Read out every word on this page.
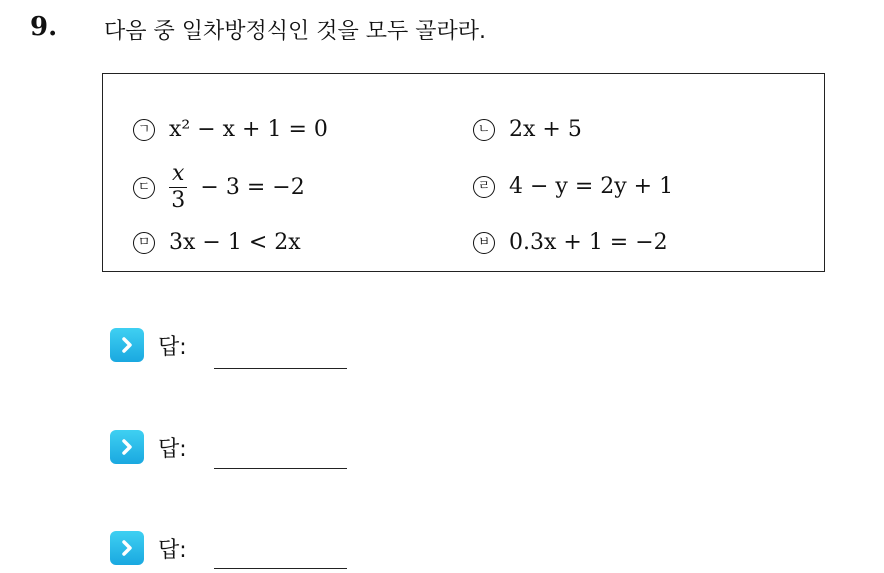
9. 다음 중 일차방정식인 것을 모두 골라라.
ㄱ x² − x + 1 = 0	ㄴ 2x + 5
ㄷ $\frac{x}{3} - 3 = -2$	ㄹ 4 − y = 2y + 1
ㅁ 3x − 1 < 2x	ㅂ 0.3x + 1 = −2
답:
답:
답:
